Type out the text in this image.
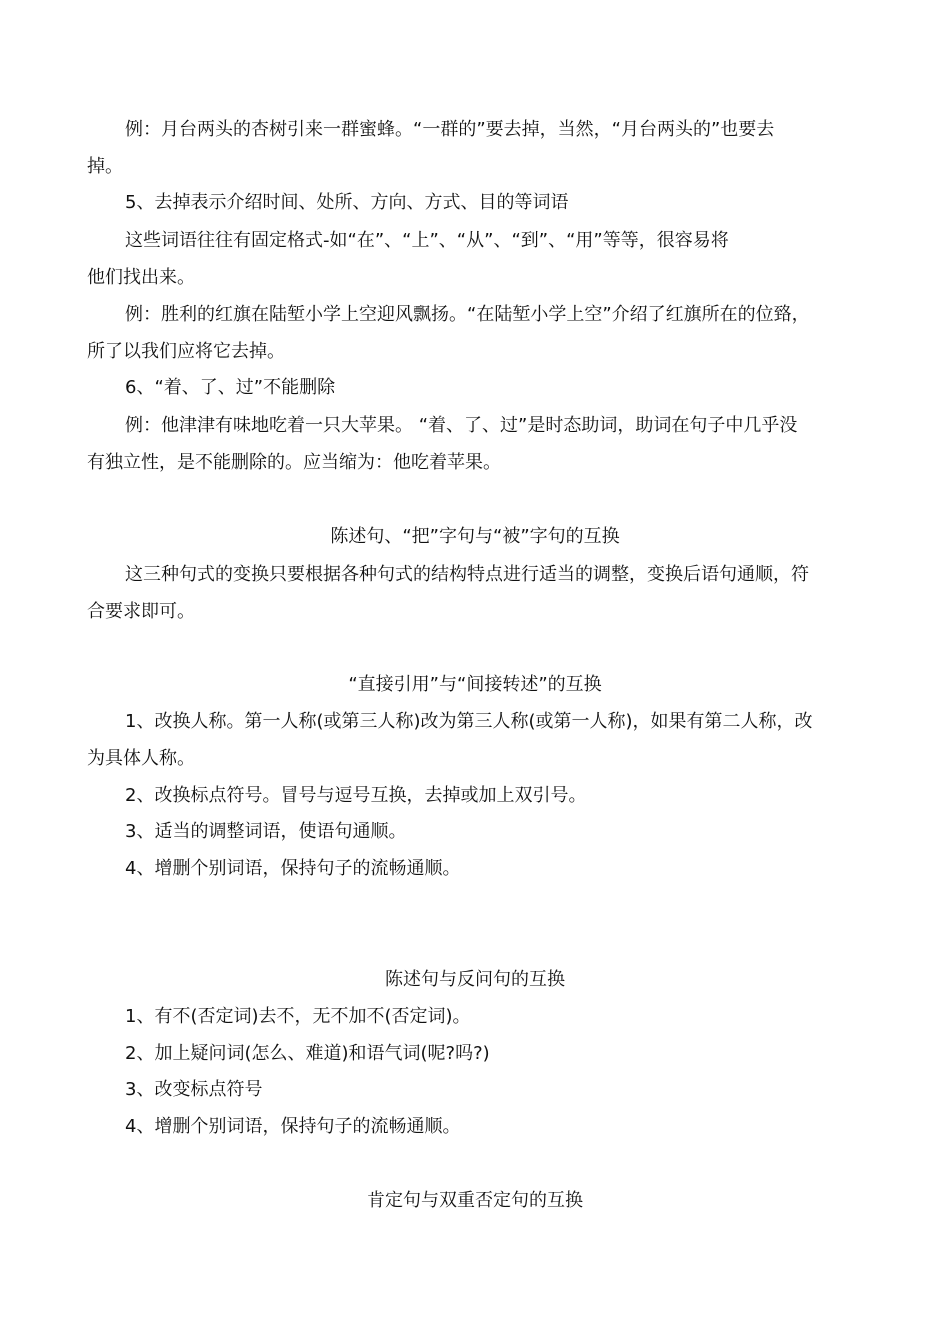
例：月台两头的杏树引来一群蜜蜂。“一群的”要去掉，当然，“月台两头的”也要去
掉。
5、去掉表示介绍时间、处所、方向、方式、目的等词语
这些词语往往有固定格式-如“在”、“上”、“从”、“到”、“用”等等，很容易将
他们找出来。
例：胜利的红旗在陆堑小学上空迎风飘扬。“在陆堑小学上空”介绍了红旗所在的位臵，
所了以我们应将它去掉。
6、“着、了、过”不能删除
例：他津津有味地吃着一只大苹果。 “着、了、过”是时态助词，助词在句子中几乎没
有独立性，是不能删除的。应当缩为：他吃着苹果。
陈述句、“把”字句与“被”字句的互换
这三种句式的变换只要根据各种句式的结构特点进行适当的调整，变换后语句通顺，符
合要求即可。
“直接引用”与“间接转述”的互换
1、改换人称。第一人称(或第三人称)改为第三人称(或第一人称)，如果有第二人称，改
为具体人称。
2、改换标点符号。冒号与逗号互换，去掉或加上双引号。
3、适当的调整词语，使语句通顺。
4、增删个别词语，保持句子的流畅通顺。
陈述句与反问句的互换
1、有不(否定词)去不，无不加不(否定词)。
2、加上疑问词(怎么、难道)和语气词(呢?吗?)
3、改变标点符号
4、增删个别词语，保持句子的流畅通顺。
肯定句与双重否定句的互换
